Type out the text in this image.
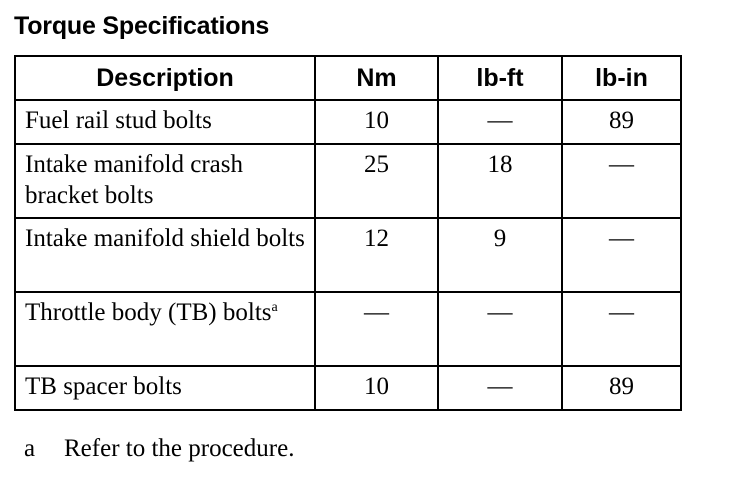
Torque Specifications
Description	Nm	lb-ft	lb-in
Fuel rail stud bolts	10	—	89
Intake manifold crash bracket bolts	25	18	—
Intake manifold shield bolts	12	9	—
Throttle body (TB) bolts$^a$	—	—	—
TB spacer bolts	10	—	89
a Refer to the procedure.
